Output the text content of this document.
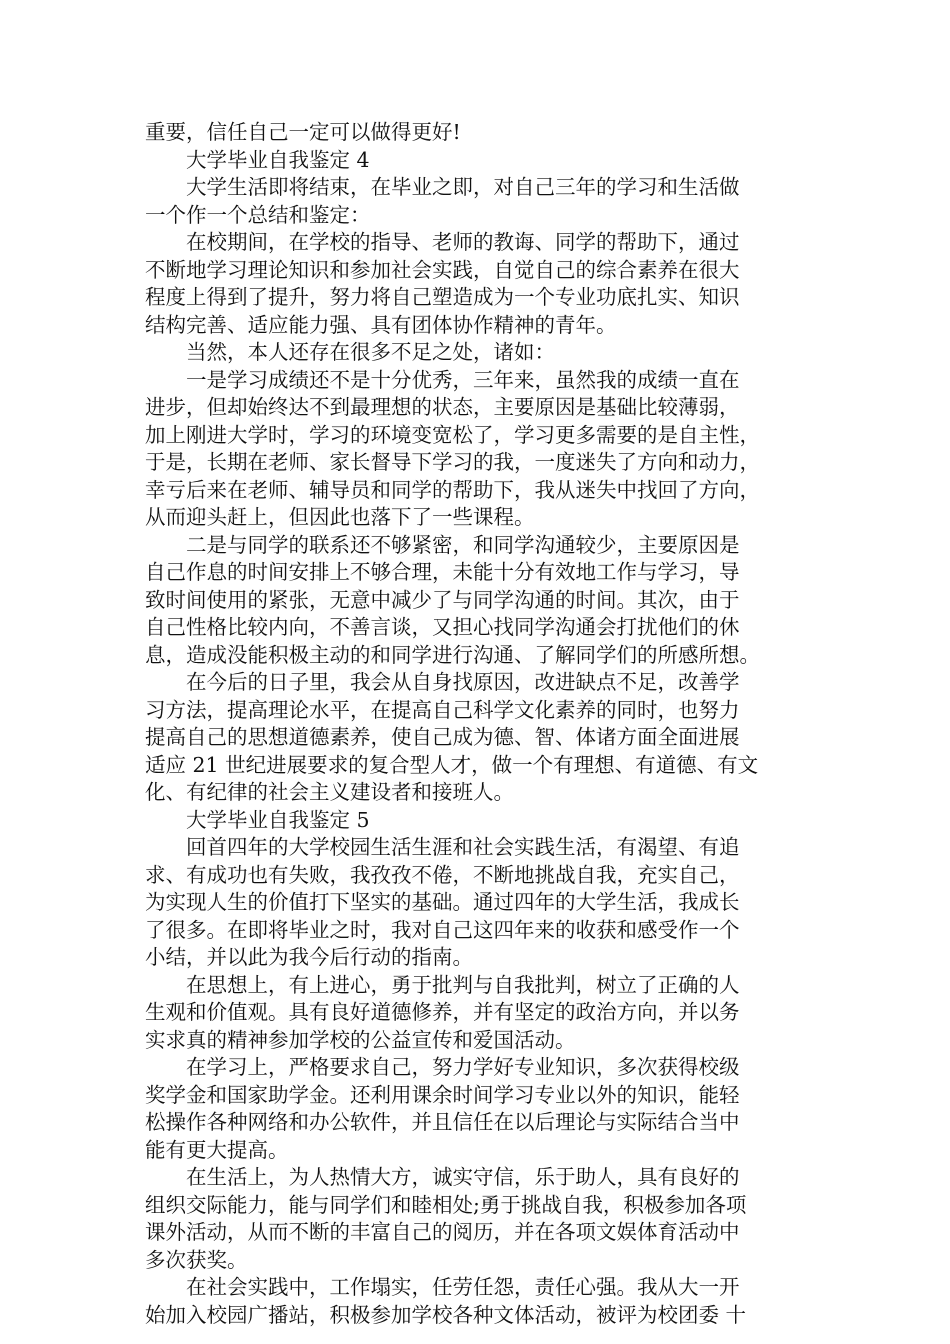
重要，信任自己一定可以做得更好!
大学毕业自我鉴定 4
大学生活即将结束，在毕业之即，对自己三年的学习和生活做
一个作一个总结和鉴定：
在校期间，在学校的指导、老师的教诲、同学的帮助下，通过
不断地学习理论知识和参加社会实践，自觉自己的综合素养在很大
程度上得到了提升，努力将自己塑造成为一个专业功底扎实、知识
结构完善、适应能力强、具有团体协作精神的青年。
当然，本人还存在很多不足之处，诸如：
一是学习成绩还不是十分优秀，三年来，虽然我的成绩一直在
进步，但却始终达不到最理想的状态，主要原因是基础比较薄弱，
加上刚进大学时，学习的环境变宽松了，学习更多需要的是自主性，
于是，长期在老师、家长督导下学习的我，一度迷失了方向和动力，
幸亏后来在老师、辅导员和同学的帮助下，我从迷失中找回了方向，
从而迎头赶上，但因此也落下了一些课程。
二是与同学的联系还不够紧密，和同学沟通较少，主要原因是
自己作息的时间安排上不够合理，未能十分有效地工作与学习，导
致时间使用的紧张，无意中减少了与同学沟通的时间。其次，由于
自己性格比较内向，不善言谈，又担心找同学沟通会打扰他们的休
息，造成没能积极主动的和同学进行沟通、了解同学们的所感所想。
在今后的日子里，我会从自身找原因，改进缺点不足，改善学
习方法，提高理论水平，在提高自己科学文化素养的同时，也努力
提高自己的思想道德素养，使自己成为德、智、体诸方面全面进展
适应 21 世纪进展要求的复合型人才，做一个有理想、有道德、有文
化、有纪律的社会主义建设者和接班人。
大学毕业自我鉴定 5
回首四年的大学校园生活生涯和社会实践生活，有渴望、有追
求、有成功也有失败，我孜孜不倦，不断地挑战自我，充实自己，
为实现人生的价值打下坚实的基础。通过四年的大学生活，我成长
了很多。在即将毕业之时，我对自己这四年来的收获和感受作一个
小结，并以此为我今后行动的指南。
在思想上，有上进心，勇于批判与自我批判，树立了正确的人
生观和价值观。具有良好道德修养，并有坚定的政治方向，并以务
实求真的精神参加学校的公益宣传和爱国活动。
在学习上，严格要求自己，努力学好专业知识，多次获得校级
奖学金和国家助学金。还利用课余时间学习专业以外的知识，能轻
松操作各种网络和办公软件，并且信任在以后理论与实际结合当中
能有更大提高。
在生活上，为人热情大方，诚实守信，乐于助人，具有良好的
组织交际能力，能与同学们和睦相处;勇于挑战自我，积极参加各项
课外活动，从而不断的丰富自己的阅历，并在各项文娱体育活动中
多次获奖。
在社会实践中，工作塌实，任劳任怨，责任心强。我从大一开
始加入校园广播站，积极参加学校各种文体活动，被评为校团委 十
